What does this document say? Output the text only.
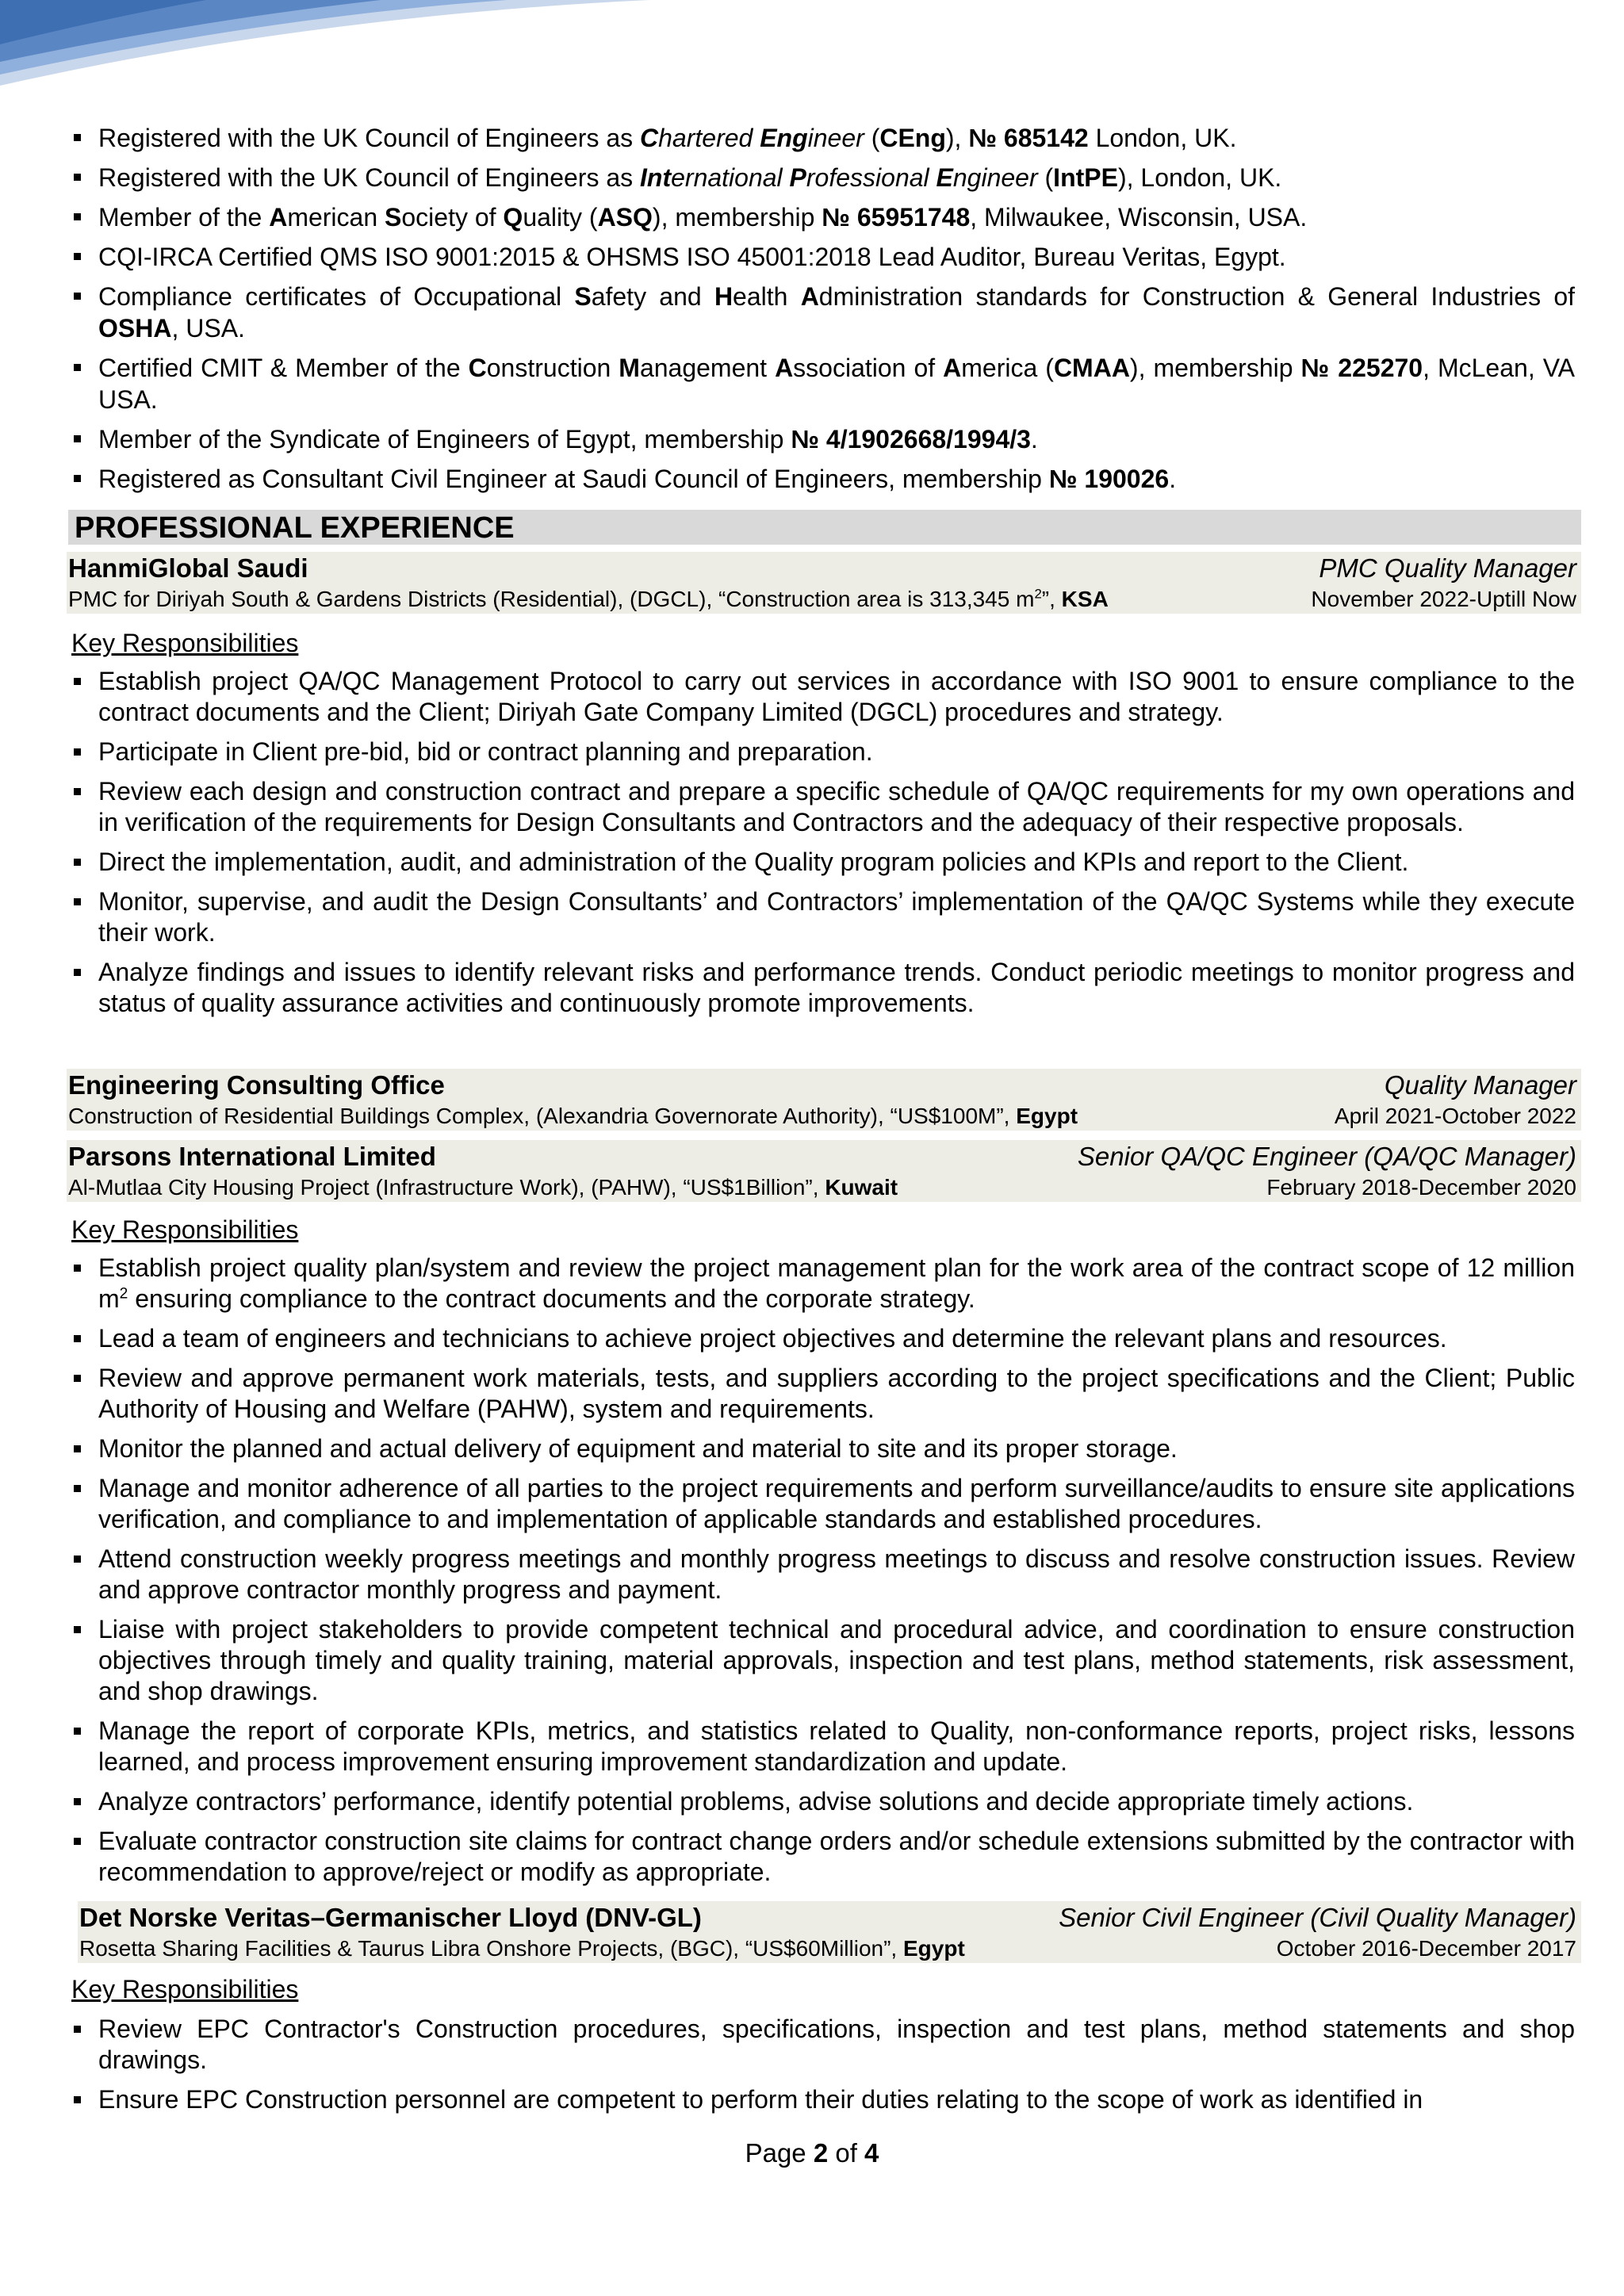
Registered with the UK Council of Engineers as Chartered Engineer (CEng), № 685142 London, UK.
Registered with the UK Council of Engineers as International Professional Engineer (IntPE), London, UK.
Member of the American Society of Quality (ASQ), membership № 65951748, Milwaukee, Wisconsin, USA.
CQI-IRCA Certified QMS ISO 9001:2015 & OHSMS ISO 45001:2018 Lead Auditor, Bureau Veritas, Egypt.
Compliance certificates of Occupational Safety and Health Administration standards for Construction & General Industries of OSHA, USA.
Certified CMIT & Member of the Construction Management Association of America (CMAA), membership № 225270, McLean, VA USA.
Member of the Syndicate of Engineers of Egypt, membership № 4/1902668/1994/3.
Registered as Consultant Civil Engineer at Saudi Council of Engineers, membership № 190026.
PROFESSIONAL EXPERIENCE
HanmiGlobal Saudi	PMC Quality Manager
PMC for Diriyah South & Gardens Districts (Residential), (DGCL), “Construction area is 313,345 $m^2$”, KSA	November 2022-Uptill Now
Key Responsibilities
Establish project QA/QC Management Protocol to carry out services in accordance with ISO 9001 to ensure compliance to the contract documents and the Client; Diriyah Gate Company Limited (DGCL) procedures and strategy.
Participate in Client pre-bid, bid or contract planning and preparation.
Review each design and construction contract and prepare a specific schedule of QA/QC requirements for my own operations and in verification of the requirements for Design Consultants and Contractors and the adequacy of their respective proposals.
Direct the implementation, audit, and administration of the Quality program policies and KPIs and report to the Client.
Monitor, supervise, and audit the Design Consultants’ and Contractors’ implementation of the QA/QC Systems while they execute their work.
Analyze findings and issues to identify relevant risks and performance trends. Conduct periodic meetings to monitor progress and status of quality assurance activities and continuously promote improvements.
Engineering Consulting Office	Quality Manager
Construction of Residential Buildings Complex, (Alexandria Governorate Authority), “US$100M”, Egypt	April 2021-October 2022
Parsons International Limited	Senior QA/QC Engineer (QA/QC Manager)
Al-Mutlaa City Housing Project (Infrastructure Work), (PAHW), “US$1Billion”, Kuwait	February 2018-December 2020
Key Responsibilities
Establish project quality plan/system and review the project management plan for the work area of the contract scope of 12 million $m^2$ ensuring compliance to the contract documents and the corporate strategy.
Lead a team of engineers and technicians to achieve project objectives and determine the relevant plans and resources.
Review and approve permanent work materials, tests, and suppliers according to the project specifications and the Client; Public Authority of Housing and Welfare (PAHW), system and requirements.
Monitor the planned and actual delivery of equipment and material to site and its proper storage.
Manage and monitor adherence of all parties to the project requirements and perform surveillance/audits to ensure site applications verification, and compliance to and implementation of applicable standards and established procedures.
Attend construction weekly progress meetings and monthly progress meetings to discuss and resolve construction issues. Review and approve contractor monthly progress and payment.
Liaise with project stakeholders to provide competent technical and procedural advice, and coordination to ensure construction objectives through timely and quality training, material approvals, inspection and test plans, method statements, risk assessment, and shop drawings.
Manage the report of corporate KPIs, metrics, and statistics related to Quality, non-conformance reports, project risks, lessons learned, and process improvement ensuring improvement standardization and update.
Analyze contractors’ performance, identify potential problems, advise solutions and decide appropriate timely actions.
Evaluate contractor construction site claims for contract change orders and/or schedule extensions submitted by the contractor with recommendation to approve/reject or modify as appropriate.
Det Norske Veritas–Germanischer Lloyd (DNV-GL)	Senior Civil Engineer (Civil Quality Manager)
Rosetta Sharing Facilities & Taurus Libra Onshore Projects, (BGC), “US$60Million”, Egypt	October 2016-December 2017
Key Responsibilities
Review EPC Contractor's Construction procedures, specifications, inspection and test plans, method statements and shop drawings.
Ensure EPC Construction personnel are competent to perform their duties relating to the scope of work as identified in
Page 2 of 4
